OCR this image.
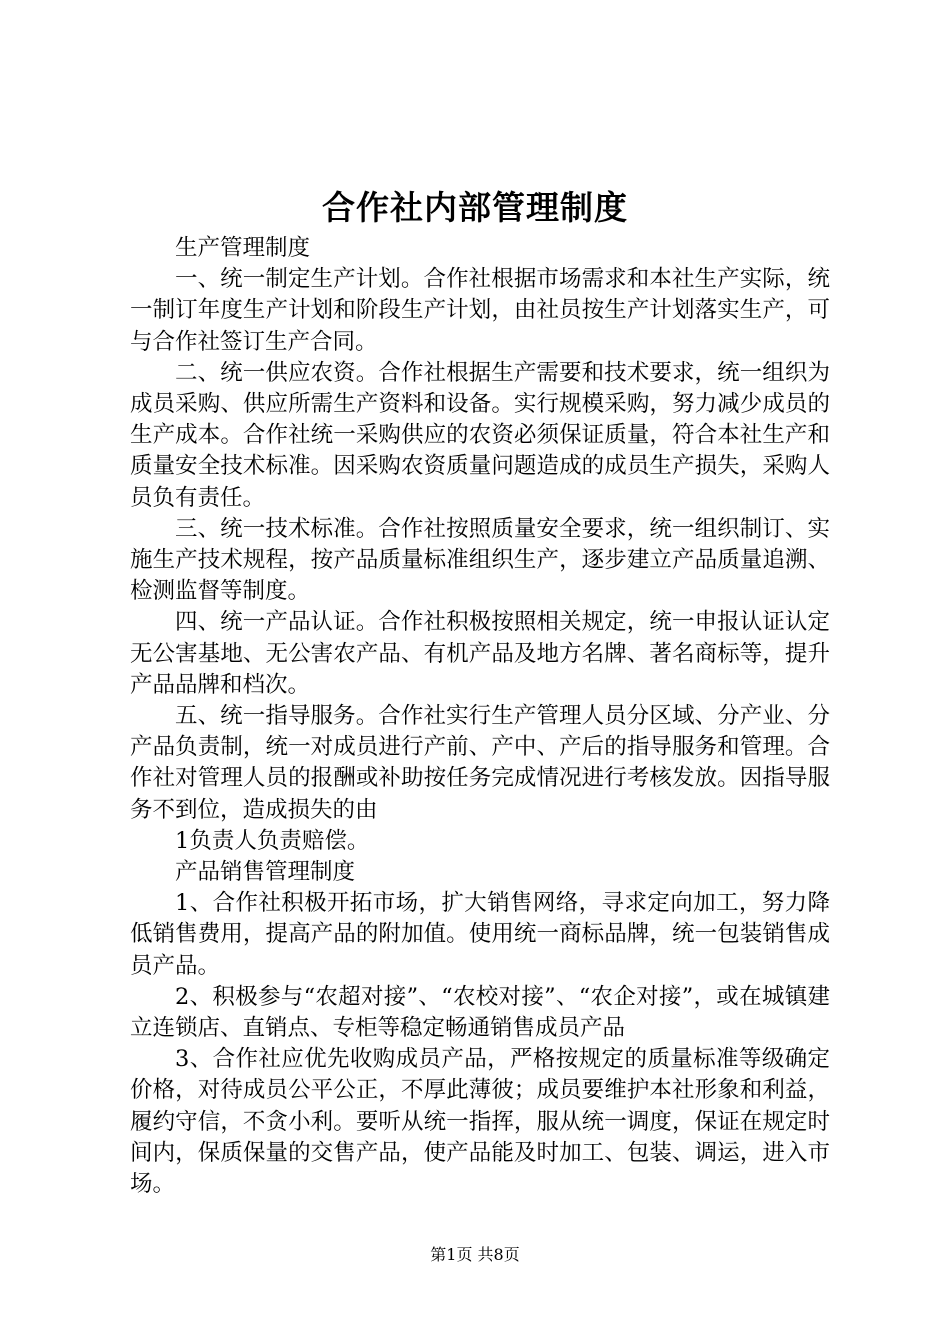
合作社内部管理制度

生产管理制度

一、统一制定生产计划。合作社根据市场需求和本社生产实际，统一制订年度生产计划和阶段生产计划，由社员按生产计划落实生产，可与合作社签订生产合同。

二、统一供应农资。合作社根据生产需要和技术要求，统一组织为成员采购、供应所需生产资料和设备。实行规模采购，努力减少成员的生产成本。合作社统一采购供应的农资必须保证质量，符合本社生产和质量安全技术标准。因采购农资质量问题造成的成员生产损失，采购人员负有责任。

三、统一技术标准。合作社按照质量安全要求，统一组织制订、实施生产技术规程，按产品质量标准组织生产，逐步建立产品质量追溯、检测监督等制度。

四、统一产品认证。合作社积极按照相关规定，统一申报认证认定无公害基地、无公害农产品、有机产品及地方名牌、著名商标等，提升产品品牌和档次。

五、统一指导服务。合作社实行生产管理人员分区域、分产业、分产品负责制，统一对成员进行产前、产中、产后的指导服务和管理。合作社对管理人员的报酬或补助按任务完成情况进行考核发放。因指导服务不到位，造成损失的由

1负责人负责赔偿。

产品销售管理制度

1、合作社积极开拓市场，扩大销售网络，寻求定向加工，努力降低销售费用，提高产品的附加值。使用统一商标品牌，统一包装销售成员产品。

2、积极参与“农超对接”、“农校对接”、“农企对接”，或在城镇建立连锁店、直销点、专柜等稳定畅通销售成员产品

3、合作社应优先收购成员产品，严格按规定的质量标准等级确定价格，对待成员公平公正，不厚此薄彼；成员要维护本社形象和利益，履约守信，不贪小利。要听从统一指挥，服从统一调度，保证在规定时间内，保质保量的交售产品，使产品能及时加工、包装、调运，进入市场。

第1页 共8页
